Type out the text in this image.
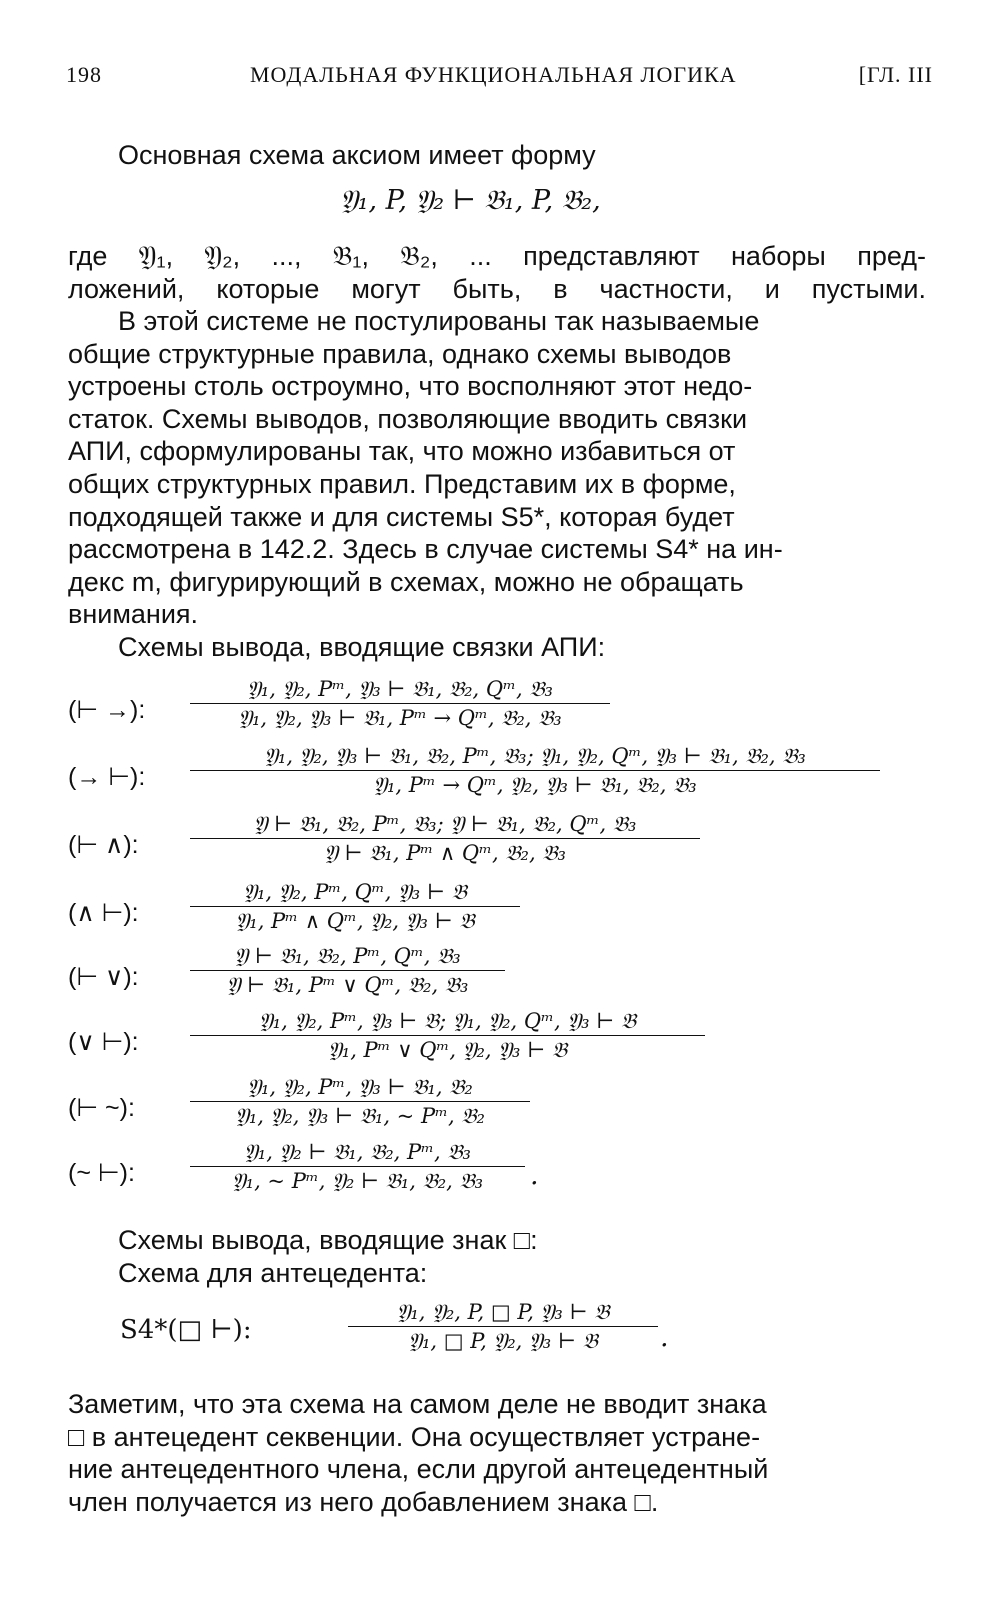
198	МОДАЛЬНАЯ ФУНКЦИОНАЛЬНАЯ ЛОГИКА	[ГЛ. III
Основная схема аксиом имеет форму
𝔜₁, P, 𝔜₂ ⊢ 𝔅₁, P, 𝔅₂,
где 𝔜₁, 𝔜₂, ..., 𝔅₁, 𝔅₂, ... представляют наборы пред-
ложений, которые могут быть, в частности, и пустыми.
В этой системе не постулированы так называемые
общие структурные правила, однако схемы выводов
устроены столь остроумно, что восполняют этот недо-
статок. Схемы выводов, позволяющие вводить связки
АПИ, сформулированы так, что можно избавиться от
общих структурных правил. Представим их в форме,
подходящей также и для системы S5*, которая будет
рассмотрена в 142.2. Здесь в случае системы S4* на ин-
декс m, фигурирующий в схемах, можно не обращать
внимания.
Схемы вывода, вводящие связки АПИ:
(⊢ →):
𝔜₁, 𝔜₂, Pᵐ, 𝔜₃ ⊢ 𝔅₁, 𝔅₂, Qᵐ, 𝔅₃
𝔜₁, 𝔜₂, 𝔜₃ ⊢ 𝔅₁, Pᵐ → Qᵐ, 𝔅₂, 𝔅₃
(→ ⊢):
𝔜₁, 𝔜₂, 𝔜₃ ⊢ 𝔅₁, 𝔅₂, Pᵐ, 𝔅₃; 𝔜₁, 𝔜₂, Qᵐ, 𝔜₃ ⊢ 𝔅₁, 𝔅₂, 𝔅₃
𝔜₁, Pᵐ → Qᵐ, 𝔜₂, 𝔜₃ ⊢ 𝔅₁, 𝔅₂, 𝔅₃
(⊢ ∧):
𝔜 ⊢ 𝔅₁, 𝔅₂, Pᵐ, 𝔅₃; 𝔜 ⊢ 𝔅₁, 𝔅₂, Qᵐ, 𝔅₃
𝔜 ⊢ 𝔅₁, Pᵐ ∧ Qᵐ, 𝔅₂, 𝔅₃
(∧ ⊢):
𝔜₁, 𝔜₂, Pᵐ, Qᵐ, 𝔜₃ ⊢ 𝔅
𝔜₁, Pᵐ ∧ Qᵐ, 𝔜₂, 𝔜₃ ⊢ 𝔅
(⊢ ∨):
𝔜 ⊢ 𝔅₁, 𝔅₂, Pᵐ, Qᵐ, 𝔅₃
𝔜 ⊢ 𝔅₁, Pᵐ ∨ Qᵐ, 𝔅₂, 𝔅₃
(∨ ⊢):
𝔜₁, 𝔜₂, Pᵐ, 𝔜₃ ⊢ 𝔅; 𝔜₁, 𝔜₂, Qᵐ, 𝔜₃ ⊢ 𝔅
𝔜₁, Pᵐ ∨ Qᵐ, 𝔜₂, 𝔜₃ ⊢ 𝔅
(⊢ ~):
𝔜₁, 𝔜₂, Pᵐ, 𝔜₃ ⊢ 𝔅₁, 𝔅₂
𝔜₁, 𝔜₂, 𝔜₃ ⊢ 𝔅₁, ~ Pᵐ, 𝔅₂
(~ ⊢):
𝔜₁, 𝔜₂ ⊢ 𝔅₁, 𝔅₂, Pᵐ, 𝔅₃
𝔜₁, ~ Pᵐ, 𝔜₂ ⊢ 𝔅₁, 𝔅₂, 𝔅₃	.
Схемы вывода, вводящие знак □:
Схема для антецедента:
S4*(□ ⊢):
𝔜₁, 𝔜₂, P, □ P, 𝔜₃ ⊢ 𝔅
𝔜₁, □ P, 𝔜₂, 𝔜₃ ⊢ 𝔅	.
Заметим, что эта схема на самом деле не вводит знака
□ в антецедент секвенции. Она осуществляет устране-
ние антецедентного члена, если другой антецедентный
член получается из него добавлением знака □.
